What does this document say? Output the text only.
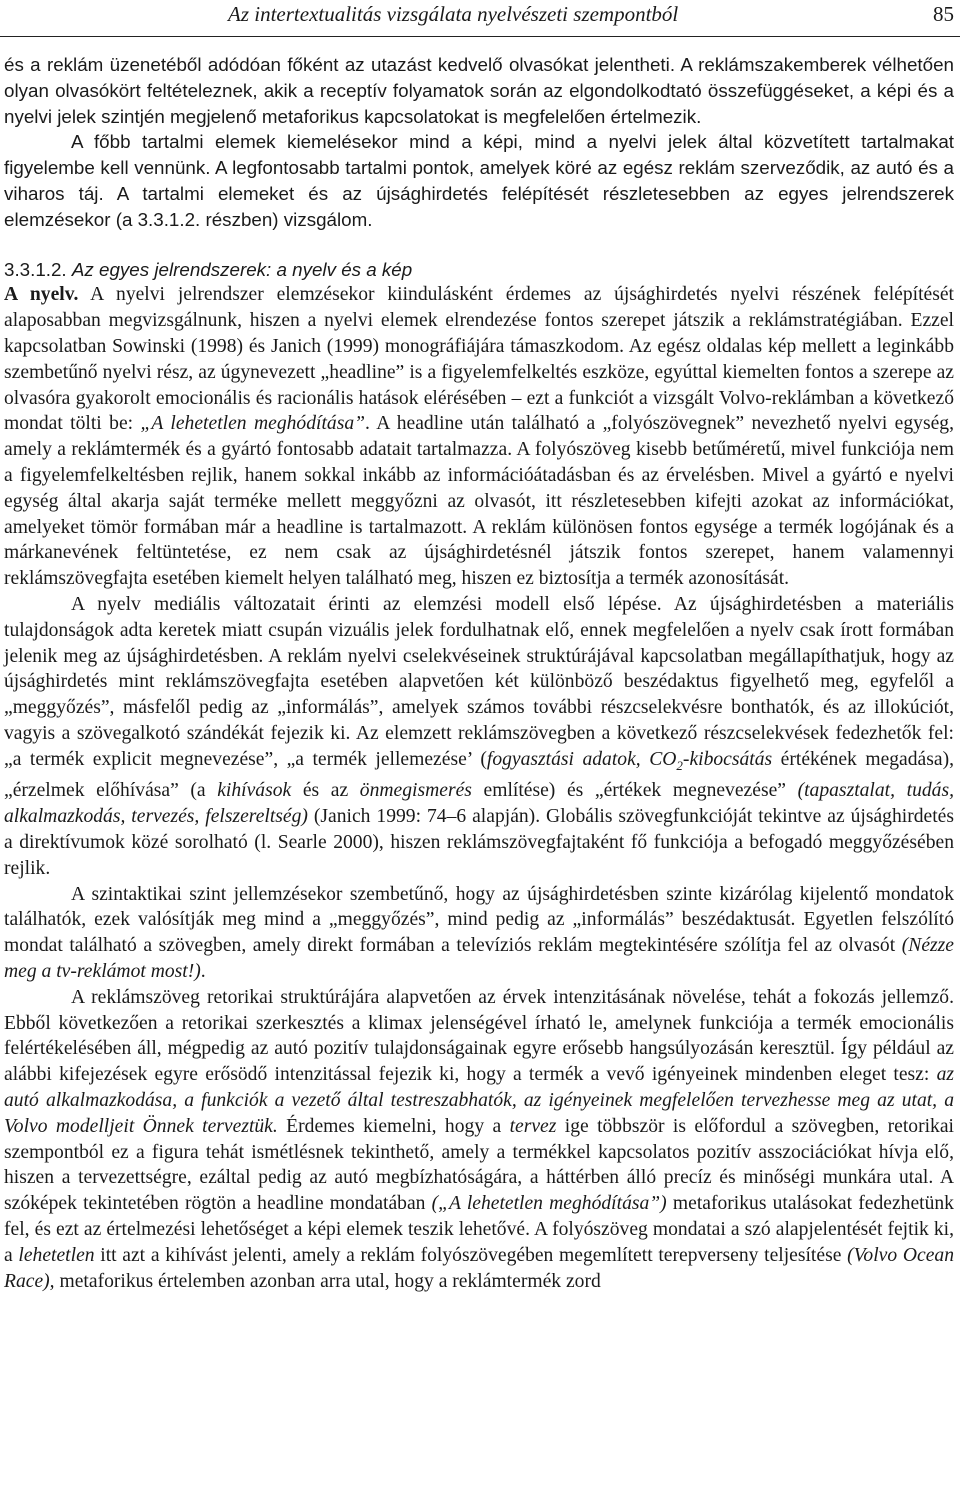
Az intertextualitás vizsgálata nyelvészeti szempontból	85

és a reklám üzenetéből adódóan főként az utazást kedvelő olvasókat jelentheti. A reklámszakemberek vélhetően olyan olvasókört feltételeznek, akik a receptív folyamatok során az elgondolkodtató összefüggéseket, a képi és a nyelvi jelek szintjén megjelenő metaforikus kapcsolatokat is megfelelően értelmezik.

A főbb tartalmi elemek kiemelésekor mind a képi, mind a nyelvi jelek által közvetített tartalmakat figyelembe kell vennünk. A legfontosabb tartalmi pontok, amelyek köré az egész reklám szerveződik, az autó és a viharos táj. A tartalmi elemeket és az újsághirdetés felépítését részletesebben az egyes jelrendszerek elemzésekor (a 3.3.1.2. részben) vizsgálom.

3.3.1.2. Az egyes jelrendszerek: a nyelv és a kép

A nyelv. A nyelvi jelrendszer elemzésekor kiindulásként érdemes az újsághirdetés nyelvi részének felépítését alaposabban megvizsgálnunk, hiszen a nyelvi elemek elrendezése fontos szerepet játszik a reklámstratégiában. Ezzel kapcsolatban Sowinski (1998) és Janich (1999) monográfiájára támaszkodom. Az egész oldalas kép mellett a leginkább szembetűnő nyelvi rész, az úgynevezett „headline” is a figyelemfelkeltés eszköze, egyúttal kiemelten fontos a szerepe az olvasóra gyakorolt emocionális és racionális hatások elérésében – ezt a funkciót a vizsgált Volvo-reklámban a következő mondat tölti be: „A lehetetlen meghódítása”. A headline után található a „folyószövegnek” nevezhető nyelvi egység, amely a reklámtermék és a gyártó fontosabb adatait tartalmazza. A folyószöveg kisebb betűméretű, mivel funkciója nem a figyelemfelkeltésben rejlik, hanem sokkal inkább az információátadásban és az érvelésben. Mivel a gyártó e nyelvi egység által akarja saját terméke mellett meggyőzni az olvasót, itt részletesebben kifejti azokat az információkat, amelyeket tömör formában már a headline is tartalmazott. A reklám különösen fontos egysége a termék logójának és a márkanevének feltüntetése, ez nem csak az újsághirdetésnél játszik fontos szerepet, hanem valamennyi reklámszövegfajta esetében kiemelt helyen található meg, hiszen ez biztosítja a termék azonosítását.

A nyelv mediális változatait érinti az elemzési modell első lépése. Az újsághirdetésben a materiális tulajdonságok adta keretek miatt csupán vizuális jelek fordulhatnak elő, ennek megfelelően a nyelv csak írott formában jelenik meg az újsághirdetésben. A reklám nyelvi cselekvéseinek struktúrájával kapcsolatban megállapíthatjuk, hogy az újsághirdetés mint reklámszövegfajta esetében alapvetően két különböző beszédaktus figyelhető meg, egyfelől a „meggyőzés”, másfelől pedig az „informálás”, amelyek számos további részcselekvésre bonthatók, és az illokúciót, vagyis a szövegalkotó szándékát fejezik ki. Az elemzett reklámszövegben a következő részcselekvések fedezhetők fel: „a termék explicit megnevezése”, „a termék jellemezése’ (fogyasztási adatok, $CO_2$-kibocsátás értékének megadása), „érzelmek előhívása” (a kihívások és az önmegismerés említése) és „értékek megnevezése” (tapasztalat, tudás, alkalmazkodás, tervezés, felszereltség) (Janich 1999: 74–6 alapján). Globális szövegfunkcióját tekintve az újsághirdetés a direktívumok közé sorolható (l. Searle 2000), hiszen reklámszövegfajtaként fő funkciója a befogadó meggyőzésében rejlik.

A szintaktikai szint jellemzésekor szembetűnő, hogy az újsághirdetésben szinte kizárólag kijelentő mondatok találhatók, ezek valósítják meg mind a „meggyőzés”, mind pedig az „informálás” beszédaktusát. Egyetlen felszólító mondat található a szövegben, amely direkt formában a televíziós reklám megtekintésére szólítja fel az olvasót (Nézze meg a tv-reklámot most!).

A reklámszöveg retorikai struktúrájára alapvetően az érvek intenzitásának növelése, tehát a fokozás jellemző. Ebből következően a retorikai szerkesztés a klimax jelenségével írható le, amelynek funkciója a termék emocionális felértékelésében áll, mégpedig az autó pozitív tulajdonságainak egyre erősebb hangsúlyozásán keresztül. Így például az alábbi kifejezések egyre erősödő intenzitással fejezik ki, hogy a termék a vevő igényeinek mindenben eleget tesz: az autó alkalmazkodása, a funkciók a vezető által testreszabhatók, az igényeinek megfelelően tervezhesse meg az utat, a Volvo modelljeit Önnek terveztük. Érdemes kiemelni, hogy a tervez ige többször is előfordul a szövegben, retorikai szempontból ez a figura tehát ismétlésnek tekinthető, amely a termékkel kapcsolatos pozitív asszociációkat hívja elő, hiszen a tervezettségre, ezáltal pedig az autó megbízhatóságára, a háttérben álló precíz és minőségi munkára utal. A szóképek tekintetében rögtön a headline mondatában („A lehetetlen meghódítása”) metaforikus utalásokat fedezhetünk fel, és ezt az értelmezési lehetőséget a képi elemek teszik lehetővé. A folyószöveg mondatai a szó alapjelentését fejtik ki, a lehetetlen itt azt a kihívást jelenti, amely a reklám folyószövegében megemlített terepverseny teljesítése (Volvo Ocean Race), metaforikus értelemben azonban arra utal, hogy a reklámtermék zord
